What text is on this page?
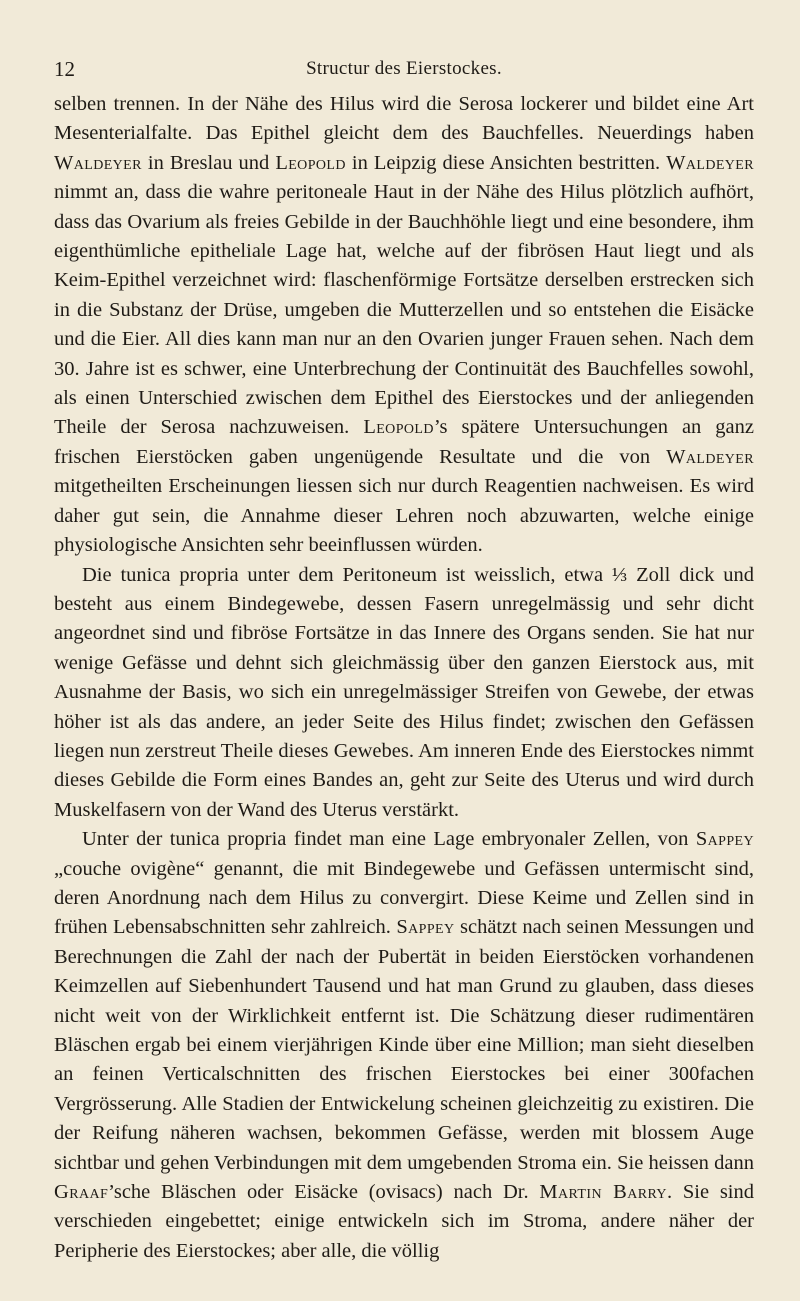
12	Structur des Eierstockes.

selben trennen. In der Nähe des Hilus wird die Serosa lockerer und bildet eine Art Mesenterialfalte. Das Epithel gleicht dem des Bauchfelles. Neuerdings haben Waldeyer in Breslau und Leopold in Leipzig diese Ansichten bestritten. Waldeyer nimmt an, dass die wahre peritoneale Haut in der Nähe des Hilus plötzlich aufhört, dass das Ovarium als freies Gebilde in der Bauchhöhle liegt und eine besondere, ihm eigenthümliche epitheliale Lage hat, welche auf der fibrösen Haut liegt und als Keim-Epithel verzeichnet wird: flaschenförmige Fortsätze derselben erstrecken sich in die Substanz der Drüse, umgeben die Mutterzellen und so entstehen die Eisäcke und die Eier. All dies kann man nur an den Ovarien junger Frauen sehen. Nach dem 30. Jahre ist es schwer, eine Unterbrechung der Continuität des Bauchfelles sowohl, als einen Unterschied zwischen dem Epithel des Eierstockes und der anliegenden Theile der Serosa nachzuweisen. Leopold’s spätere Untersuchungen an ganz frischen Eierstöcken gaben ungenügende Resultate und die von Waldeyer mitgetheilten Erscheinungen liessen sich nur durch Reagentien nachweisen. Es wird daher gut sein, die Annahme dieser Lehren noch abzuwarten, welche einige physiologische Ansichten sehr beeinflussen würden.

Die tunica propria unter dem Peritoneum ist weisslich, etwa ⅓ Zoll dick und besteht aus einem Bindegewebe, dessen Fasern unregelmässig und sehr dicht angeordnet sind und fibröse Fortsätze in das Innere des Organs senden. Sie hat nur wenige Gefässe und dehnt sich gleichmässig über den ganzen Eierstock aus, mit Ausnahme der Basis, wo sich ein unregelmässiger Streifen von Gewebe, der etwas höher ist als das andere, an jeder Seite des Hilus findet; zwischen den Gefässen liegen nun zerstreut Theile dieses Gewebes. Am inneren Ende des Eierstockes nimmt dieses Gebilde die Form eines Bandes an, geht zur Seite des Uterus und wird durch Muskelfasern von der Wand des Uterus verstärkt.

Unter der tunica propria findet man eine Lage embryonaler Zellen, von Sappey „couche ovigène“ genannt, die mit Bindegewebe und Gefässen untermischt sind, deren Anordnung nach dem Hilus zu convergirt. Diese Keime und Zellen sind in frühen Lebensabschnitten sehr zahlreich. Sappey schätzt nach seinen Messungen und Berechnungen die Zahl der nach der Pubertät in beiden Eierstöcken vorhandenen Keimzellen auf Siebenhundert Tausend und hat man Grund zu glauben, dass dieses nicht weit von der Wirklichkeit entfernt ist. Die Schätzung dieser rudimentären Bläschen ergab bei einem vierjährigen Kinde über eine Million; man sieht dieselben an feinen Verticalschnitten des frischen Eierstockes bei einer 300fachen Vergrösserung. Alle Stadien der Entwickelung scheinen gleichzeitig zu existiren. Die der Reifung näheren wachsen, bekommen Gefässe, werden mit blossem Auge sichtbar und gehen Verbindungen mit dem umgebenden Stroma ein. Sie heissen dann Graaf’sche Bläschen oder Eisäcke (ovisacs) nach Dr. Martin Barry. Sie sind verschieden eingebettet; einige entwickeln sich im Stroma, andere näher der Peripherie des Eierstockes; aber alle, die völlig
